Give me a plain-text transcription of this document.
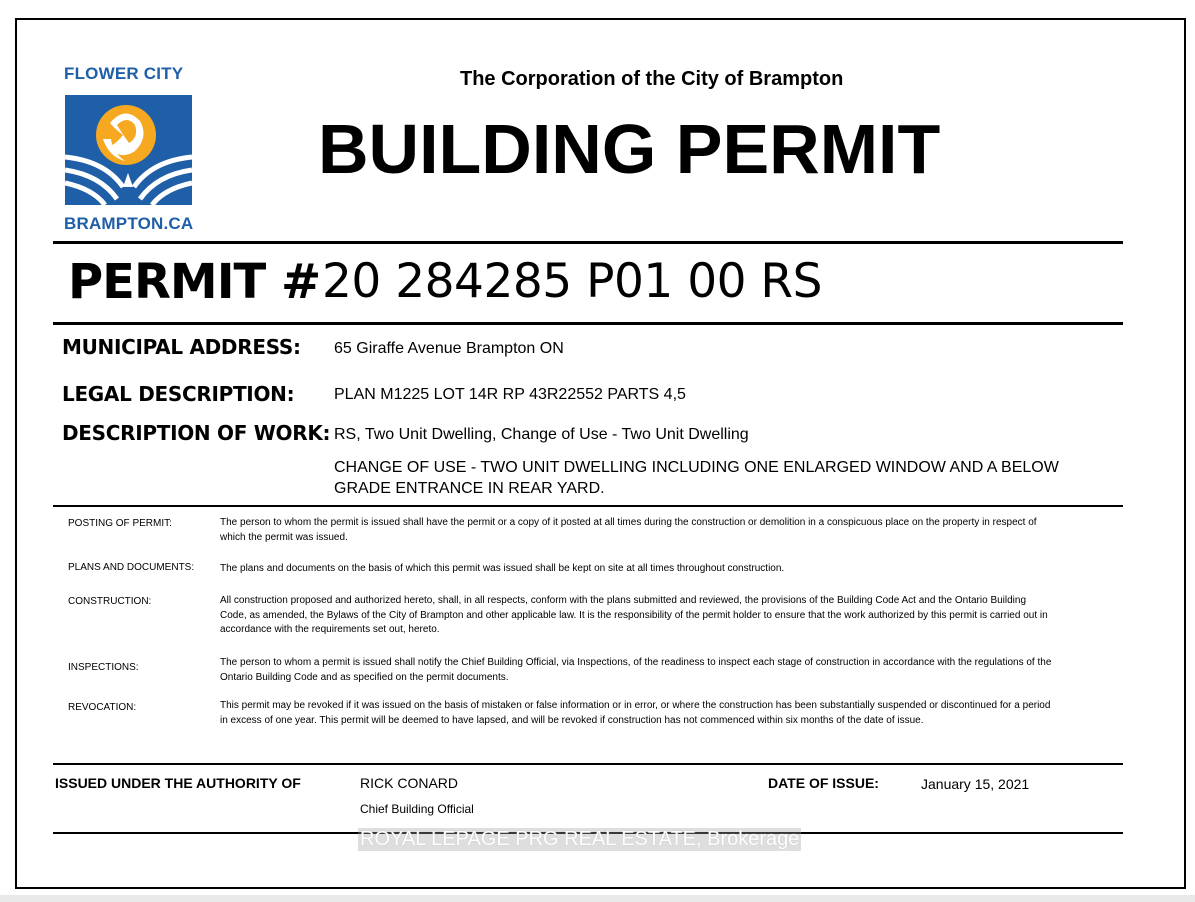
FLOWER CITY
BRAMPTON.CA
The Corporation of the City of Brampton
BUILDING PERMIT
PERMIT # 20 284285 P01 00 RS
MUNICIPAL ADDRESS: 65 Giraffe Avenue Brampton ON
LEGAL DESCRIPTION: PLAN M1225 LOT 14R RP 43R22552 PARTS 4,5
DESCRIPTION OF WORK: RS, Two Unit Dwelling, Change of Use - Two Unit Dwelling
CHANGE OF USE - TWO UNIT DWELLING INCLUDING ONE ENLARGED WINDOW AND A BELOW GRADE ENTRANCE IN REAR YARD.
POSTING OF PERMIT:	The person to whom the permit is issued shall have the permit or a copy of it posted at all times during the construction or demolition in a conspicuous place on the property in respect of which the permit was issued.
PLANS AND DOCUMENTS:	The plans and documents on the basis of which this permit was issued shall be kept on site at all times throughout construction.
CONSTRUCTION:	All construction proposed and authorized hereto, shall, in all respects, conform with the plans submitted and reviewed, the provisions of the Building Code Act and the Ontario Building Code, as amended, the Bylaws of the City of Brampton and other applicable law. It is the responsibility of the permit holder to ensure that the work authorized by this permit is carried out in accordance with the requirements set out, hereto.
INSPECTIONS:	The person to whom a permit is issued shall notify the Chief Building Official, via Inspections, of the readiness to inspect each stage of construction in accordance with the regulations of the Ontario Building Code and as specified on the permit documents.
REVOCATION:	This permit may be revoked if it was issued on the basis of mistaken or false information or in error, or where the construction has been substantially suspended or discontinued for a period in excess of one year. This permit will be deemed to have lapsed, and will be revoked if construction has not commenced within six months of the date of issue.
ISSUED UNDER THE AUTHORITY OF	RICK CONARD
Chief Building Official
DATE OF ISSUE:	January 15, 2021
ROYAL LEPAGE PRG REAL ESTATE, Brokerage
